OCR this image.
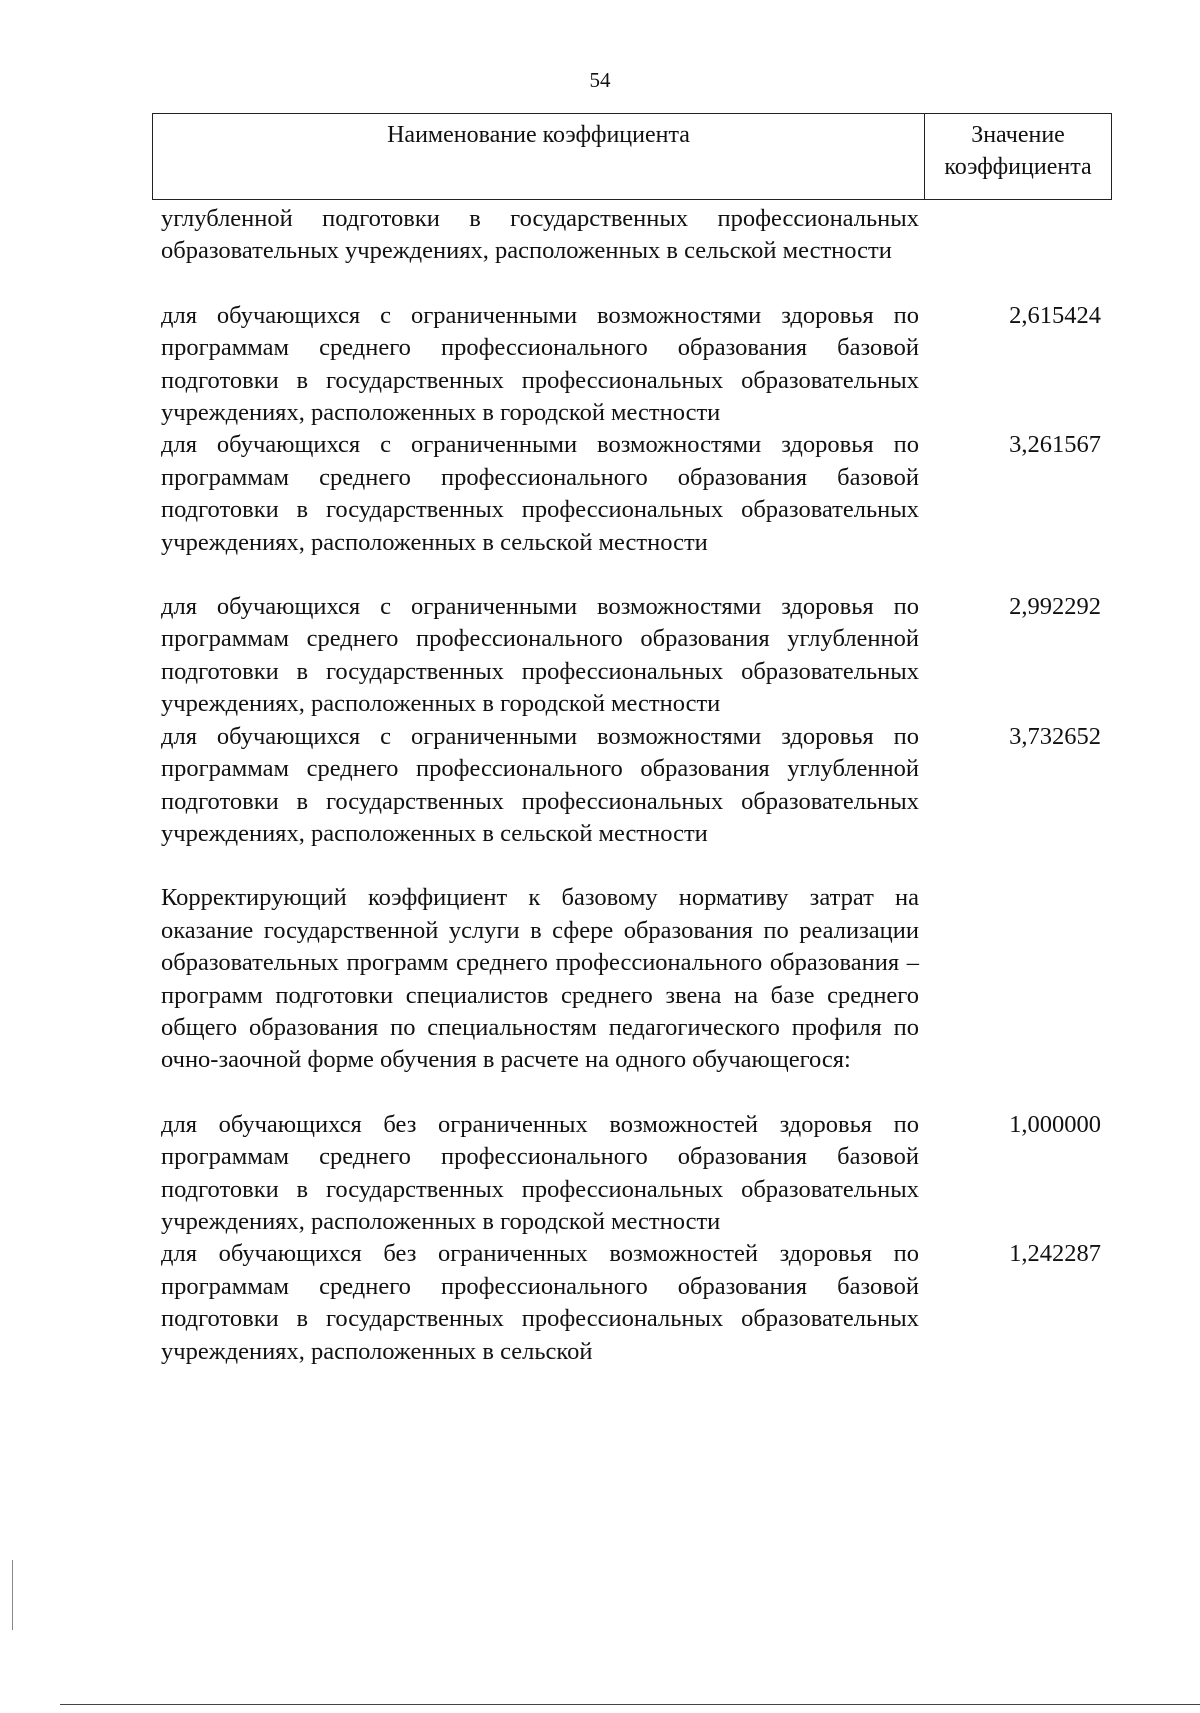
54
Наименование коэффициента	Значение
коэффициента
углубленной подготовки в государственных профессиональных образовательных учреждениях, расположенных в сельской местности
для обучающихся с ограниченными возможностями здоровья по программам среднего профессионального образования базовой подготовки в государственных профессиональных образовательных учреждениях, расположенных в городской местности
2,615424
для обучающихся с ограниченными возможностями здоровья по программам среднего профессионального образования базовой подготовки в государственных профессиональных образовательных учреждениях, расположенных в сельской местности
3,261567
для обучающихся с ограниченными возможностями здоровья по программам среднего профессионального образования углубленной подготовки в государственных профессиональных образовательных учреждениях, расположенных в городской местности
2,992292
для обучающихся с ограниченными возможностями здоровья по программам среднего профессионального образования углубленной подготовки в государственных профессиональных образовательных учреждениях, расположенных в сельской местности
3,732652
Корректирующий коэффициент к базовому нормативу затрат на оказание государственной услуги в сфере образования по реализации образовательных программ среднего профессионального образования – программ подготовки специалистов среднего звена на базе среднего общего образования по специальностям педагогического профиля по очно-заочной форме обучения в расчете на одного обучающегося:
для обучающихся без ограниченных возможностей здоровья по программам среднего профессионального образования базовой подготовки в государственных профессиональных образовательных учреждениях, расположенных в городской местности
1,000000
для обучающихся без ограниченных возможностей здоровья по программам среднего профессионального образования базовой подготовки в государственных профессиональных образовательных учреждениях, расположенных в сельской
1,242287
